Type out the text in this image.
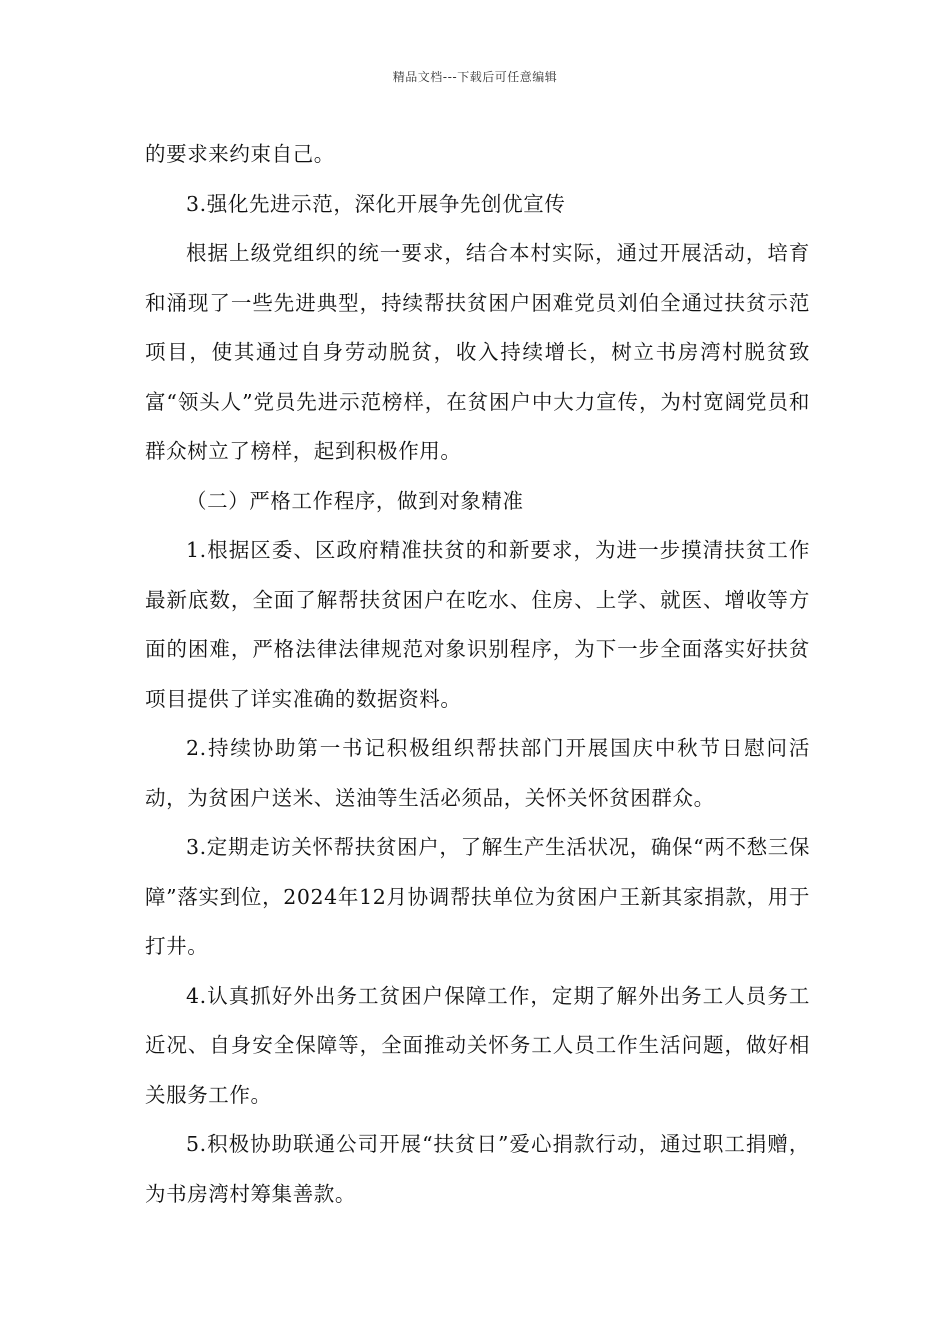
精品文档---下载后可任意编辑

的要求来约束自己。

3.强化先进示范，深化开展争先创优宣传

根据上级党组织的统一要求，结合本村实际，通过开展活动，培育和涌现了一些先进典型，持续帮扶贫困户困难党员刘伯全通过扶贫示范项目，使其通过自身劳动脱贫，收入持续增长，树立书房湾村脱贫致富“领头人”党员先进示范榜样，在贫困户中大力宣传，为村宽阔党员和群众树立了榜样，起到积极作用。

（二）严格工作程序，做到对象精准

1.根据区委、区政府精准扶贫的和新要求，为进一步摸清扶贫工作最新底数，全面了解帮扶贫困户在吃水、住房、上学、就医、增收等方面的困难，严格法律法律规范对象识别程序，为下一步全面落实好扶贫项目提供了详实准确的数据资料。

2.持续协助第一书记积极组织帮扶部门开展国庆中秋节日慰问活动，为贫困户送米、送油等生活必须品，关怀关怀贫困群众。

3.定期走访关怀帮扶贫困户，了解生产生活状况，确保“两不愁三保障”落实到位，2024年12月协调帮扶单位为贫困户王新其家捐款，用于打井。

4.认真抓好外出务工贫困户保障工作，定期了解外出务工人员务工近况、自身安全保障等，全面推动关怀务工人员工作生活问题，做好相关服务工作。

5.积极协助联通公司开展“扶贫日”爱心捐款行动，通过职工捐赠，为书房湾村筹集善款。
